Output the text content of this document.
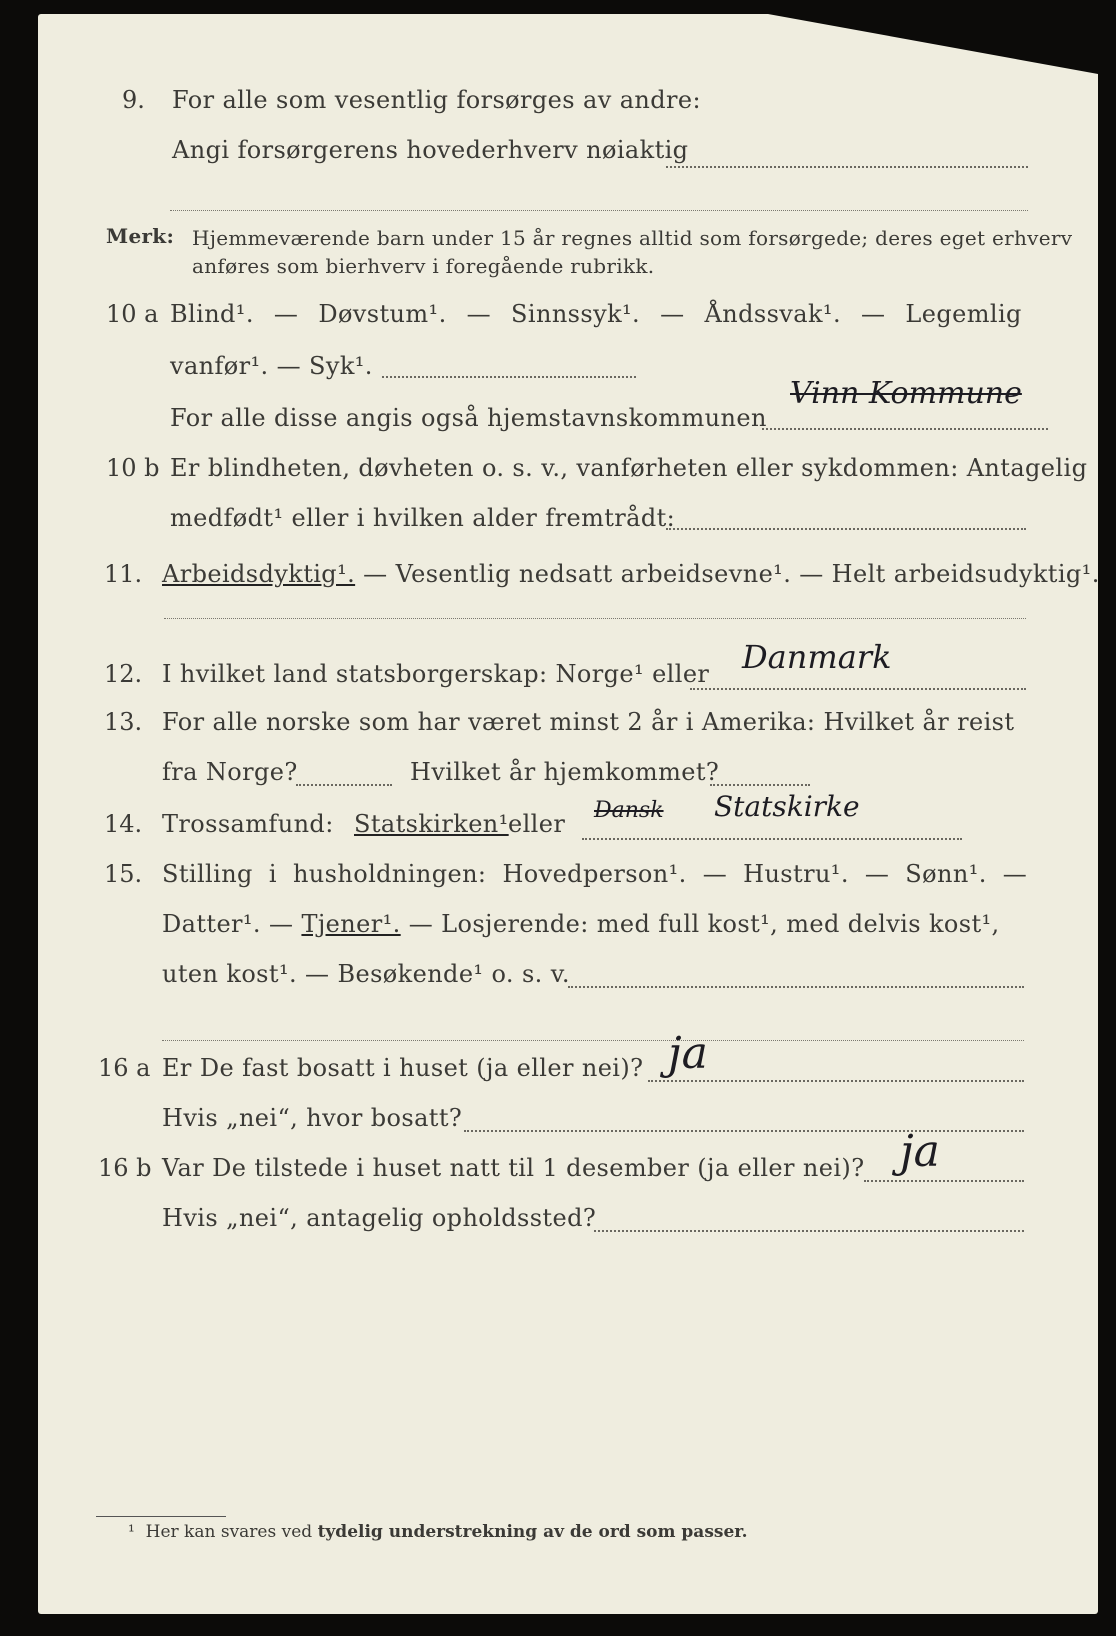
9. For alle som vesentlig forsørges av andre:
Angi forsørgerens hovederhverv nøiaktig
Merk: Hjemmeværende barn under 15 år regnes alltid som forsørgede; deres eget erhverv
anføres som bierhverv i foregående rubrikk.
10 a Blind¹. — Døvstum¹. — Sinnssyk¹. — Åndssvak¹. — Legemlig
vanfør¹. — Syk¹.
For alle disse angis også hjemstavnskommunen
Vinn Kommune
10 b Er blindheten, døvheten o. s. v., vanførheten eller sykdommen: Antagelig
medfødt¹ eller i hvilken alder fremtrådt:
11. Arbeidsdyktig¹. — Vesentlig nedsatt arbeidsevne¹. — Helt arbeidsudyktig¹.
12. I hvilket land statsborgerskap: Norge¹ eller Danmark
13. For alle norske som har været minst 2 år i Amerika: Hvilket år reist
fra Norge?	Hvilket år hjemkommet?
14. Trossamfund: Statskirken¹ eller Dansk Statskirke
15. Stilling i husholdningen: Hovedperson¹. — Hustru¹. — Sønn¹. —
Datter¹. — Tjener¹. — Losjerende: med full kost¹, med delvis kost¹,
uten kost¹. — Besøkende¹ o. s. v.
16 a Er De fast bosatt i huset (ja eller nei)? ja
Hvis „nei“, hvor bosatt?
16 b Var De tilstede i huset natt til 1 desember (ja eller nei)? ja
Hvis „nei“, antagelig opholdssted?
¹ Her kan svares ved tydelig understrekning av de ord som passer.
